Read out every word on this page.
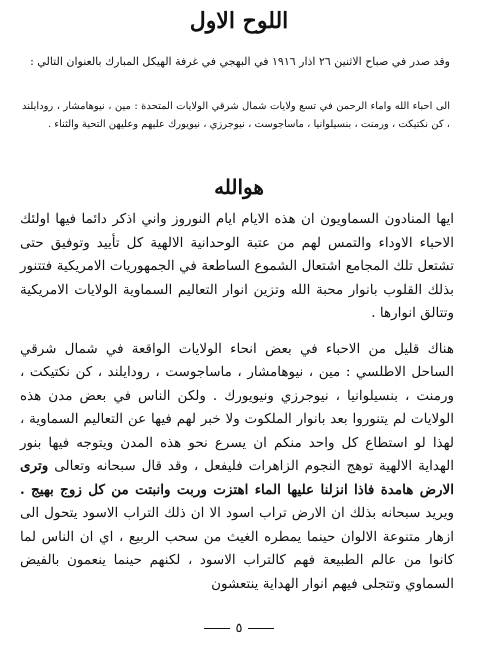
اللوح الاول

وقد صدر في صباح الاثنين ٢٦ اذار ١٩١٦ في البهجي في غرفة الهيكل المبارك بالعنوان التالي :

الى احباء الله واماء الرحمن في تسع ولايات شمال شرقي الولايات المتحدة : مين ، نيوهامشار ، رودايلند ، كن نكتيكت ، ورمنت ، بنسيلوانيا ، ماساجوست ، نيوجرزي ، نيويورك عليهم وعليهن التحية والثناء .

هوالله

ايها المنادون السماويون ان هذه الايام ايام النوروز واني اذكر دائما فيها اولئك الاحباء الاوداء والتمس لهم من عتبة الوحدانية الالهية كل تأييد وتوفيق حتى تشتعل تلك المجامع اشتعال الشموع الساطعة في الجمهوريات الامريكية فتتنور بذلك القلوب بانوار محبة الله وتزين انوار التعاليم السماوية الولايات الامريكية وتتالق انوارها .

هناك قليل من الاحباء في بعض انحاء الولايات الواقعة في شمال شرقي الساحل الاطلسي : مين ، نيوهامشار ، ماساجوست ، رودايلند ، كن نكتيكت ، ورمنت ، بنسيلوانيا ، نيوجرزي ونيويورك . ولكن الناس في بعض مدن هذه الولايات لم يتنوروا بعد بانوار الملكوت ولا خبر لهم فيها عن التعاليم السماوية ، لهذا لو استطاع كل واحد منكم ان يسرع نحو هذه المدن ويتوجه فيها بنور الهداية الالهية توهج النجوم الزاهرات فليفعل ، وقد قال سبحانه وتعالى وترى الارض هامدة فاذا انزلنا عليها الماء اهتزت وربت وانبتت من كل زوج بهيج . ويريد سبحانه بذلك ان الارض تراب اسود الا ان ذلك التراب الاسود يتحول الى ازهار متنوعة الالوان حينما يمطره الغيث من سحب الربيع ، اي ان الناس لما كانوا من عالم الطبيعة فهم كالتراب الاسود ، لكنهم حينما ينعمون بالفيض السماوي وتتجلى فيهم انوار الهداية ينتعشون

٥
